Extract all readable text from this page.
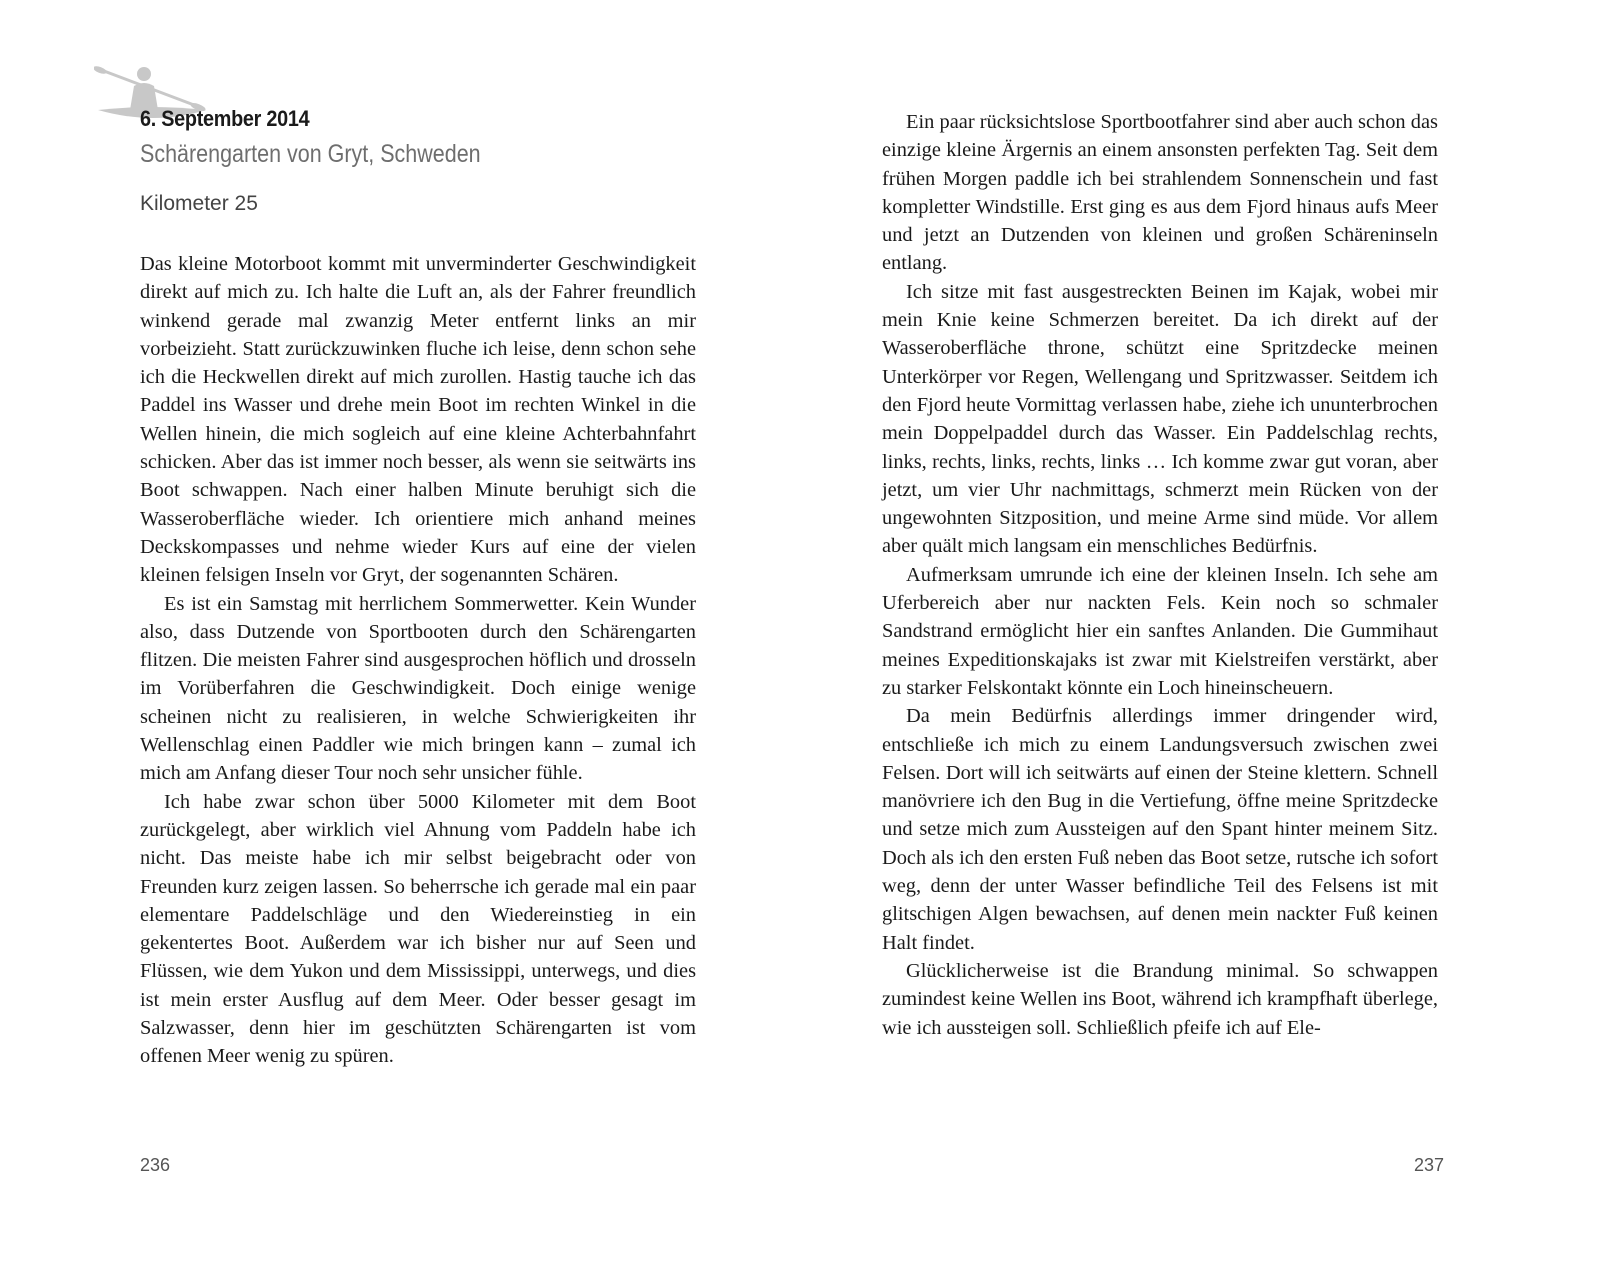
6. September 2014
Schärengarten von Gryt, Schweden
Kilometer 25

Das kleine Motorboot kommt mit unverminderter Geschwindigkeit direkt auf mich zu. Ich halte die Luft an, als der Fahrer freundlich winkend gerade mal zwanzig Meter entfernt links an mir vorbeizieht. Statt zurückzuwinken fluche ich leise, denn schon sehe ich die Heckwellen direkt auf mich zurollen. Hastig tauche ich das Paddel ins Wasser und drehe mein Boot im rechten Winkel in die Wellen hinein, die mich sogleich auf eine kleine Achterbahnfahrt schicken. Aber das ist immer noch besser, als wenn sie seitwärts ins Boot schwappen. Nach einer halben Minute beruhigt sich die Wasseroberfläche wieder. Ich orientiere mich anhand meines Deckskompasses und nehme wieder Kurs auf eine der vielen kleinen felsigen Inseln vor Gryt, der sogenannten Schären.

Es ist ein Samstag mit herrlichem Sommerwetter. Kein Wunder also, dass Dutzende von Sportbooten durch den Schärengarten flitzen. Die meisten Fahrer sind ausgesprochen höflich und drosseln im Vorüberfahren die Geschwindigkeit. Doch einige wenige scheinen nicht zu realisieren, in welche Schwierigkeiten ihr Wellenschlag einen Paddler wie mich bringen kann – zumal ich mich am Anfang dieser Tour noch sehr unsicher fühle.

Ich habe zwar schon über 5000 Kilometer mit dem Boot zurückgelegt, aber wirklich viel Ahnung vom Paddeln habe ich nicht. Das meiste habe ich mir selbst beigebracht oder von Freunden kurz zeigen lassen. So beherrsche ich gerade mal ein paar elementare Paddelschläge und den Wiedereinstieg in ein gekentertes Boot. Außerdem war ich bisher nur auf Seen und Flüssen, wie dem Yukon und dem Mississippi, unterwegs, und dies ist mein erster Ausflug auf dem Meer. Oder besser gesagt im Salzwasser, denn hier im geschützten Schärengarten ist vom offenen Meer wenig zu spüren.

236

Ein paar rücksichtslose Sportbootfahrer sind aber auch schon das einzige kleine Ärgernis an einem ansonsten perfekten Tag. Seit dem frühen Morgen paddle ich bei strahlendem Sonnenschein und fast kompletter Windstille. Erst ging es aus dem Fjord hinaus aufs Meer und jetzt an Dutzenden von kleinen und großen Schäreninseln entlang.

Ich sitze mit fast ausgestreckten Beinen im Kajak, wobei mir mein Knie keine Schmerzen bereitet. Da ich direkt auf der Wasseroberfläche throne, schützt eine Spritzdecke meinen Unterkörper vor Regen, Wellengang und Spritzwasser. Seitdem ich den Fjord heute Vormittag verlassen habe, ziehe ich ununterbrochen mein Doppelpaddel durch das Wasser. Ein Paddelschlag rechts, links, rechts, links, rechts, links … Ich komme zwar gut voran, aber jetzt, um vier Uhr nachmittags, schmerzt mein Rücken von der ungewohnten Sitzposition, und meine Arme sind müde. Vor allem aber quält mich langsam ein menschliches Bedürfnis.

Aufmerksam umrunde ich eine der kleinen Inseln. Ich sehe am Uferbereich aber nur nackten Fels. Kein noch so schmaler Sandstrand ermöglicht hier ein sanftes Anlanden. Die Gummihaut meines Expeditionskajaks ist zwar mit Kielstreifen verstärkt, aber zu starker Felskontakt könnte ein Loch hineinscheuern.

Da mein Bedürfnis allerdings immer dringender wird, entschließe ich mich zu einem Landungsversuch zwischen zwei Felsen. Dort will ich seitwärts auf einen der Steine klettern. Schnell manövriere ich den Bug in die Vertiefung, öffne meine Spritzdecke und setze mich zum Aussteigen auf den Spant hinter meinem Sitz. Doch als ich den ersten Fuß neben das Boot setze, rutsche ich sofort weg, denn der unter Wasser befindliche Teil des Felsens ist mit glitschigen Algen bewachsen, auf denen mein nackter Fuß keinen Halt findet.

Glücklicherweise ist die Brandung minimal. So schwappen zumindest keine Wellen ins Boot, während ich krampfhaft überlege, wie ich aussteigen soll. Schließlich pfeife ich auf Ele-

237
